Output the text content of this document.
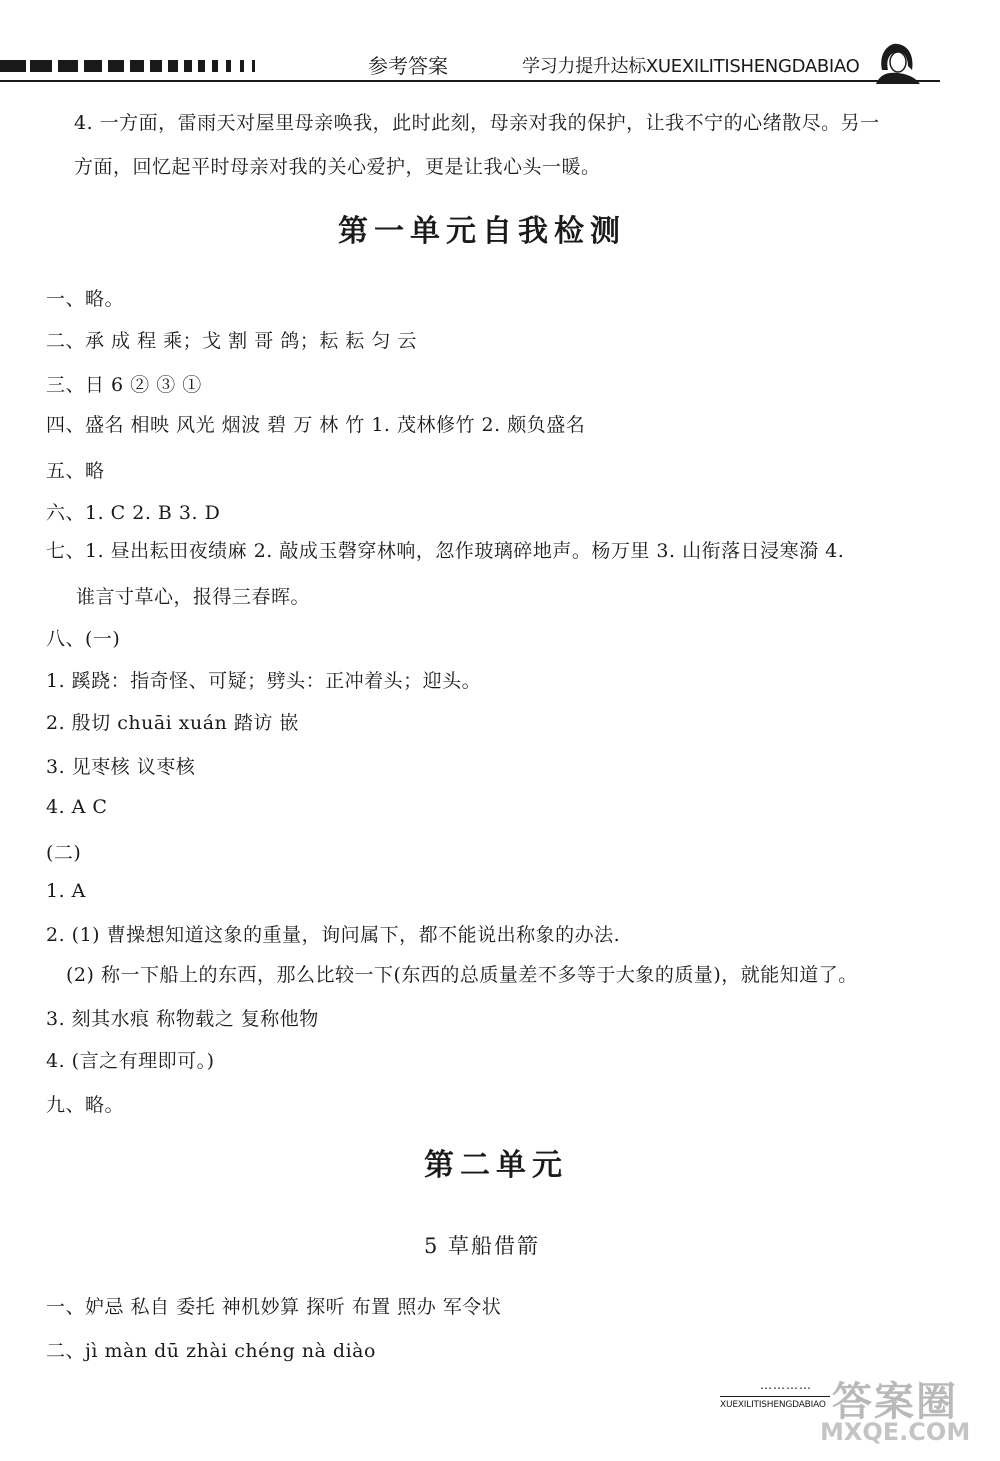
参考答案	学习力提升达标XUEXILITISHENGDABIAO
4. 一方面，雷雨天对屋里母亲唤我，此时此刻，母亲对我的保护，让我不宁的心绪散尽。另一
方面，回忆起平时母亲对我的关心爱护，更是让我心头一暖。
第一单元自我检测
一、略。
二、承 成 程 乘；戈 割 哥 鸽；耘 耘 匀 云
三、日 6 ② ③ ①
四、盛名 相映 风光 烟波 碧 万 林 竹 1. 茂林修竹 2. 颇负盛名
五、略
六、1. C 2. B 3. D
七、1. 昼出耘田夜绩麻 2. 敲成玉磬穿林响，忽作玻璃碎地声。杨万里 3. 山衔落日浸寒漪 4.
谁言寸草心，报得三春晖。
八、(一)
1. 蹊跷：指奇怪、可疑；劈头：正冲着头；迎头。
2. 殷切 chuāi xuán 踏访 嵌
3. 见枣核 议枣核
4. A C
(二)
1. A
2. (1) 曹操想知道这象的重量，询问属下，都不能说出称象的办法.
(2) 称一下船上的东西，那么比较一下(东西的总质量差不多等于大象的质量)，就能知道了。
3. 刻其水痕 称物载之 复称他物
4. (言之有理即可。)
九、略。
第二单元
5 草船借箭
一、妒忌 私自 委托 神机妙算 探听 布置 照办 军令状
二、jì màn dū zhài chéng nà diào
…………
XUEXILITISHENGDABIAO 答案圈
MXQE.COM
